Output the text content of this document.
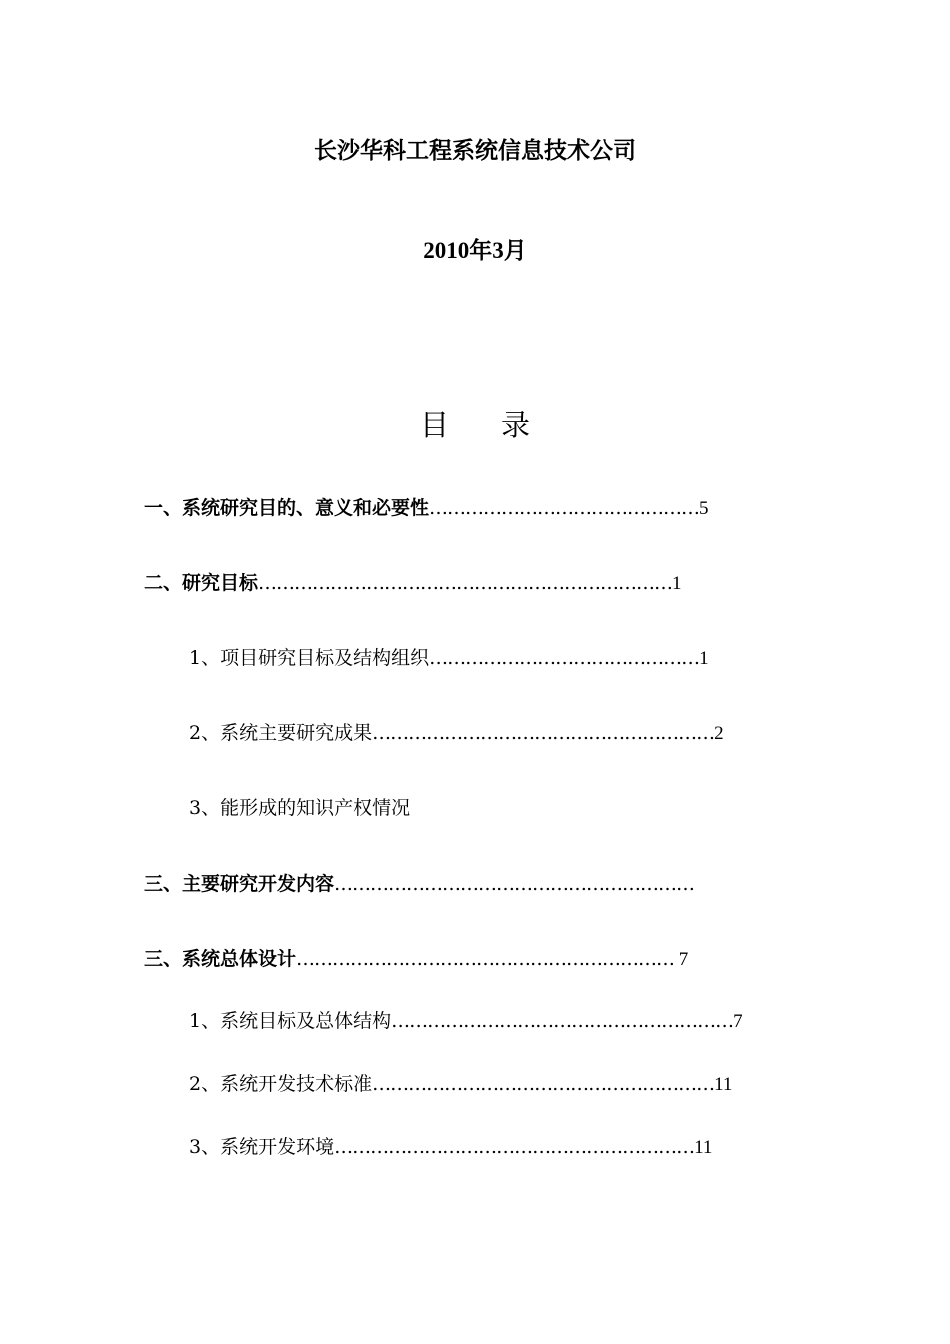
长沙华科工程系统信息技术公司

2010年3月

目录

一、系统研究目的、意义和必要性………………………………………5
二、研究目标……………………………………………………………1
1、项目研究目标及结构组织………………………………………1
2、系统主要研究成果…………………………………………………2
3、能形成的知识产权情况
三、主要研究开发内容……………………………………………………
三、系统总体设计……………………………………………………… 7
1、系统目标及总体结构…………………………………………………7
2、系统开发技术标准…………………………………………………11
3、系统开发环境……………………………………………………11
